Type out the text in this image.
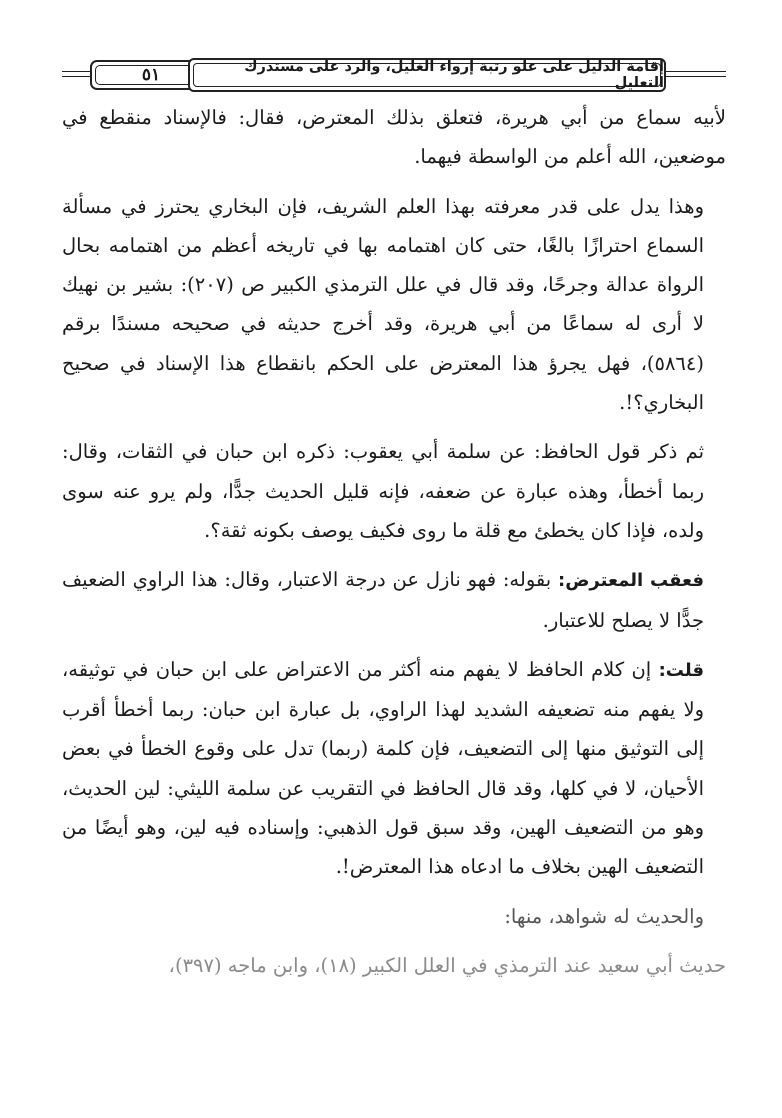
٥١	إقامة الدليل على علو رتبة إرواء الغليل، والرد على مستدرك التعليل

لأبيه سماع من أبي هريرة، فتعلق بذلك المعترض، فقال: فالإسناد منقطع في موضعين، الله أعلم من الواسطة فيهما.

وهذا يدل على قدر معرفته بهذا العلم الشريف، فإن البخاري يحترز في مسألة السماع احترازًا بالغًا، حتى كان اهتمامه بها في تاريخه أعظم من اهتمامه بحال الرواة عدالة وجرحًا، وقد قال في علل الترمذي الكبير ص (٢٠٧): بشير بن نهيك لا أرى له سماعًا من أبي هريرة، وقد أخرج حديثه في صحيحه مسندًا برقم (٥٨٦٤)، فهل يجرؤ هذا المعترض على الحكم بانقطاع هذا الإسناد في صحيح البخاري؟!.

ثم ذكر قول الحافظ: عن سلمة أبي يعقوب: ذكره ابن حبان في الثقات، وقال: ربما أخطأ، وهذه عبارة عن ضعفه، فإنه قليل الحديث جدًّا، ولم يرو عنه سوى ولده، فإذا كان يخطئ مع قلة ما روى فكيف يوصف بكونه ثقة؟.

فعقب المعترض: بقوله: فهو نازل عن درجة الاعتبار، وقال: هذا الراوي الضعيف جدًّا لا يصلح للاعتبار.

قلت: إن كلام الحافظ لا يفهم منه أكثر من الاعتراض على ابن حبان في توثيقه، ولا يفهم منه تضعيفه الشديد لهذا الراوي، بل عبارة ابن حبان: ربما أخطأ أقرب إلى التوثيق منها إلى التضعيف، فإن كلمة (ربما) تدل على وقوع الخطأ في بعض الأحيان، لا في كلها، وقد قال الحافظ في التقريب عن سلمة الليثي: لين الحديث، وهو من التضعيف الهين، وقد سبق قول الذهبي: وإسناده فيه لين، وهو أيضًا من التضعيف الهين بخلاف ما ادعاه هذا المعترض!.

والحديث له شواهد، منها:

حديث أبي سعيد عند الترمذي في العلل الكبير (١٨)، وابن ماجه (٣٩٧)،
